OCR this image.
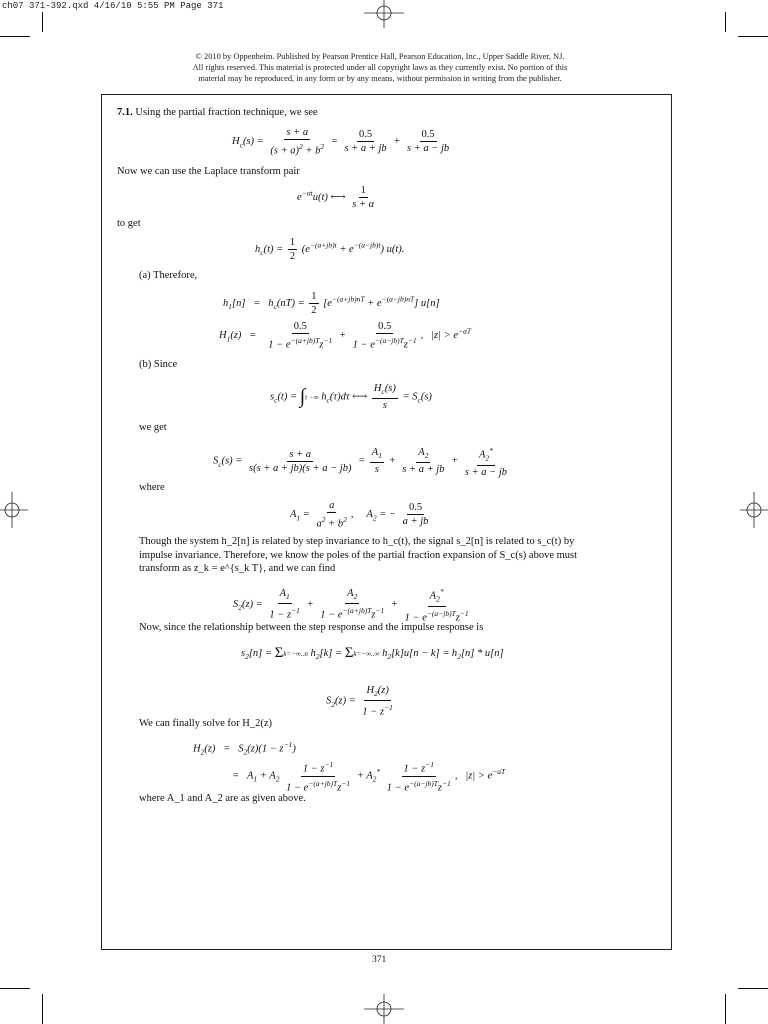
ch07 371-392.qxd 4/16/10 5:55 PM Page 371
© 2010 by Oppenheim. Published by Pearson Prentice Hall, Pearson Education, Inc., Upper Saddle River, NJ.
All rights reserved. This material is protected under all copyright laws as they currently exist. No portion of this
material may be reproduced, in any form or by any means, without permission in writing from the publisher.
7.1. Using the partial fraction technique, we see
$H_c(s) = \frac{s + a}{(s + a)^2 + b^2} = \frac{0.5}{s + a + jb} + \frac{0.5}{s + a - jb}$
Now we can use the Laplace transform pair
$e^{-\alpha t}u(t)$ ⟷ $\frac{1}{s + \alpha}$
to get
$h_c(t) = \frac{1}{2} (e^{-(a+jb)t} + e^{-(a-jb)t})$ u(t).
(a) Therefore,
$h_1[n] = h_c(nT) = \frac{1}{2} [e^{-(a+jb)nT} + e^{-(a-jb)nT}]$ u[n]
$H_1(z) = \frac{0.5}{1 - e^{-(a+jb)T}z^{-1}} + \frac{0.5}{1 - e^{-(a-jb)T}z^{-1}}$ ,   $|z| > e^{-aT}$
(b) Since
$s_c(t) = \int t$ −∞ $h_c(\tau)d\tau$ ⟷ $\frac{H_c(s)}{s} = S_c(s)$
we get
$S_c(s) = \frac{s + a}{s(s + a + jb)(s + a - jb)} = \frac{A_1}{s} + \frac{A_2}{s + a + jb} + \frac{A_2^*}{s + a - jb}$
where
$A_1 = \frac{a}{a^2 + b^2}$ ,     $A_2$ = − $\frac{0.5}{a + jb}$
Though the system h_2[n] is related by step invariance to h_c(t), the signal s_2[n] is related to s_c(t) by impulse invariance. Therefore, we know the poles of the partial fraction expansion of S_c(s) above must transform as z_k = e^{s_k T}, and we can find
$S_2(z) = \frac{A_1}{1 - z^{-1}} + \frac{A_2}{1 - e^{-(a+jb)T}z^{-1}} + \frac{A_2^*}{1 - e^{-(a-jb)T}z^{-1}}$
Now, since the relationship between the step response and the impulse response is
$s_2[n] = \Sigma k=-\infty..n$ $h_2[k] = \Sigma k=-\infty..\infty$ $h_2[k]u[n - k] = h_2[n] * u[n]$
$S_2(z) = \frac{H_2(z)}{1 - z^{-1}}$
We can finally solve for H_2(z)
$H_2(z) = S_2(z)(1 - z^{-1})$
=   $A_1 + A_2 \frac{1 - z^{-1}}{1 - e^{-(a+jb)T}z^{-1}} + A_2^* \frac{1 - z^{-1}}{1 - e^{-(a-jb)T}z^{-1}}$ ,   $|z| > e^{-aT}$
where A_1 and A_2 are as given above.
371
